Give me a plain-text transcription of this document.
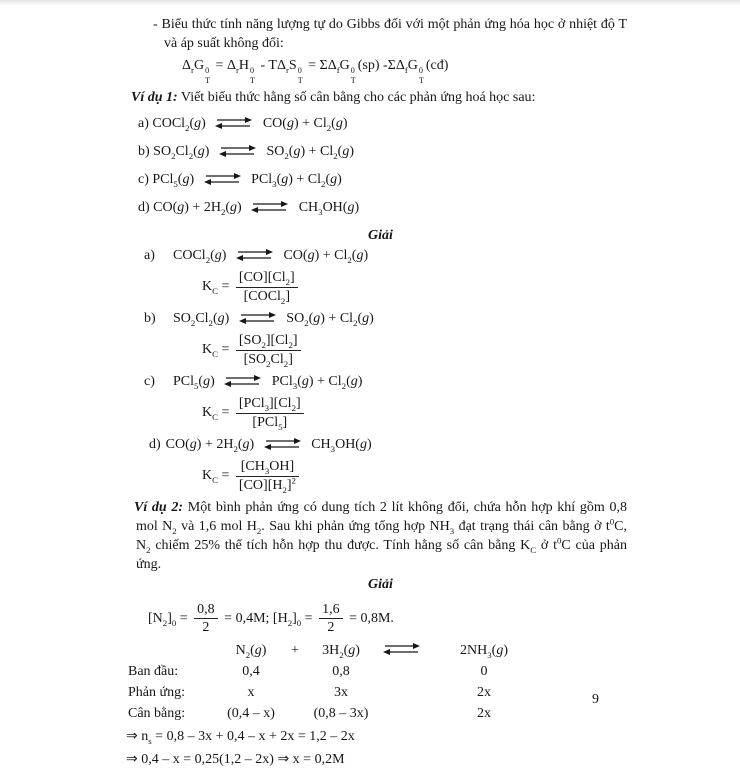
- Biểu thức tính năng lượng tự do Gibbs đối với một phản ứng hóa học ở nhiệt độ T và áp suất không đổi:

$\Delta_rG$ 0
T
= $\Delta_rH$ 0
T
- $T\Delta_rS$ 0
T
= $\Sigma\Delta_fG$ 0
T
(sp) $-\Sigma\Delta_fG$ 0
T
(cđ)

Ví dụ 1: Viết biểu thức hằng số cân bằng cho các phản ứng hoá học sau:

a) COCl$_2$(g) ⇌ $CO(g) + Cl_2(g)$
b) $SO_2Cl_2(g)$ ⇌ $SO_2(g) + Cl_2(g)$
c) PCl$_5$(g) ⇌ $PCl_3(g) + Cl_2(g)$
d) $CO(g) + 2H_2(g)$ ⇌ $CH_3OH(g)$
Giải
a) COCl$_2$(g) ⇌ $CO(g) + Cl_2(g)$
$K_C = \frac{[CO][Cl_2]}{[COCl_2]}$
b) $SO_2Cl_2(g)$ ⇌ $SO_2(g) + Cl_2(g)$
$K_C = \frac{[SO_2][Cl_2]}{[SO_2Cl_2]}$
c) PCl$_5$(g) ⇌ $PCl_3(g) + Cl_2(g)$
$K_C = \frac{[PCl_3][Cl_2]}{[PCl_5]}$
d) $CO(g) + 2H_2(g)$ ⇌ $CH_3OH(g)$
$K_C = \frac{[CH_3OH]}{[CO][H_2]^2}$

Ví dụ 2: Một bình phản ứng có dung tích 2 lít không đổi, chứa hỗn hợp khí gồm 0,8 mol $N_2$ và 1,6 mol $H_2$. Sau khi phản ứng tổng hợp $NH_3$ đạt trạng thái cân bằng ở $t^0C$, $N_2$ chiếm 25% thể tích hỗn hợp thu được. Tính hằng số cân bằng $K_C$ ở $t^0C$ của phản ứng.

Giải
$[N_2]_0 = \frac{0,8}{2} = 0,4M$; $[H_2]_0 = \frac{1,6}{2} = 0,8M$.
	$N_2(g)$	+	$3H_2(g)$		$2NH_3(g)$
Ban đầu:	0,4		0,8		0
Phản ứng:	x		3x		2x
Cân bằng:	(0,4 – x)		(0,8 – 3x)		2x
⇒ $n_s = 0,8 - 3x + 0,4 - x + 2x = 1,2 - 2x$
⇒ 0,4 – x = 0,25(1,2 – 2x) ⇒ x = 0,2M
9
